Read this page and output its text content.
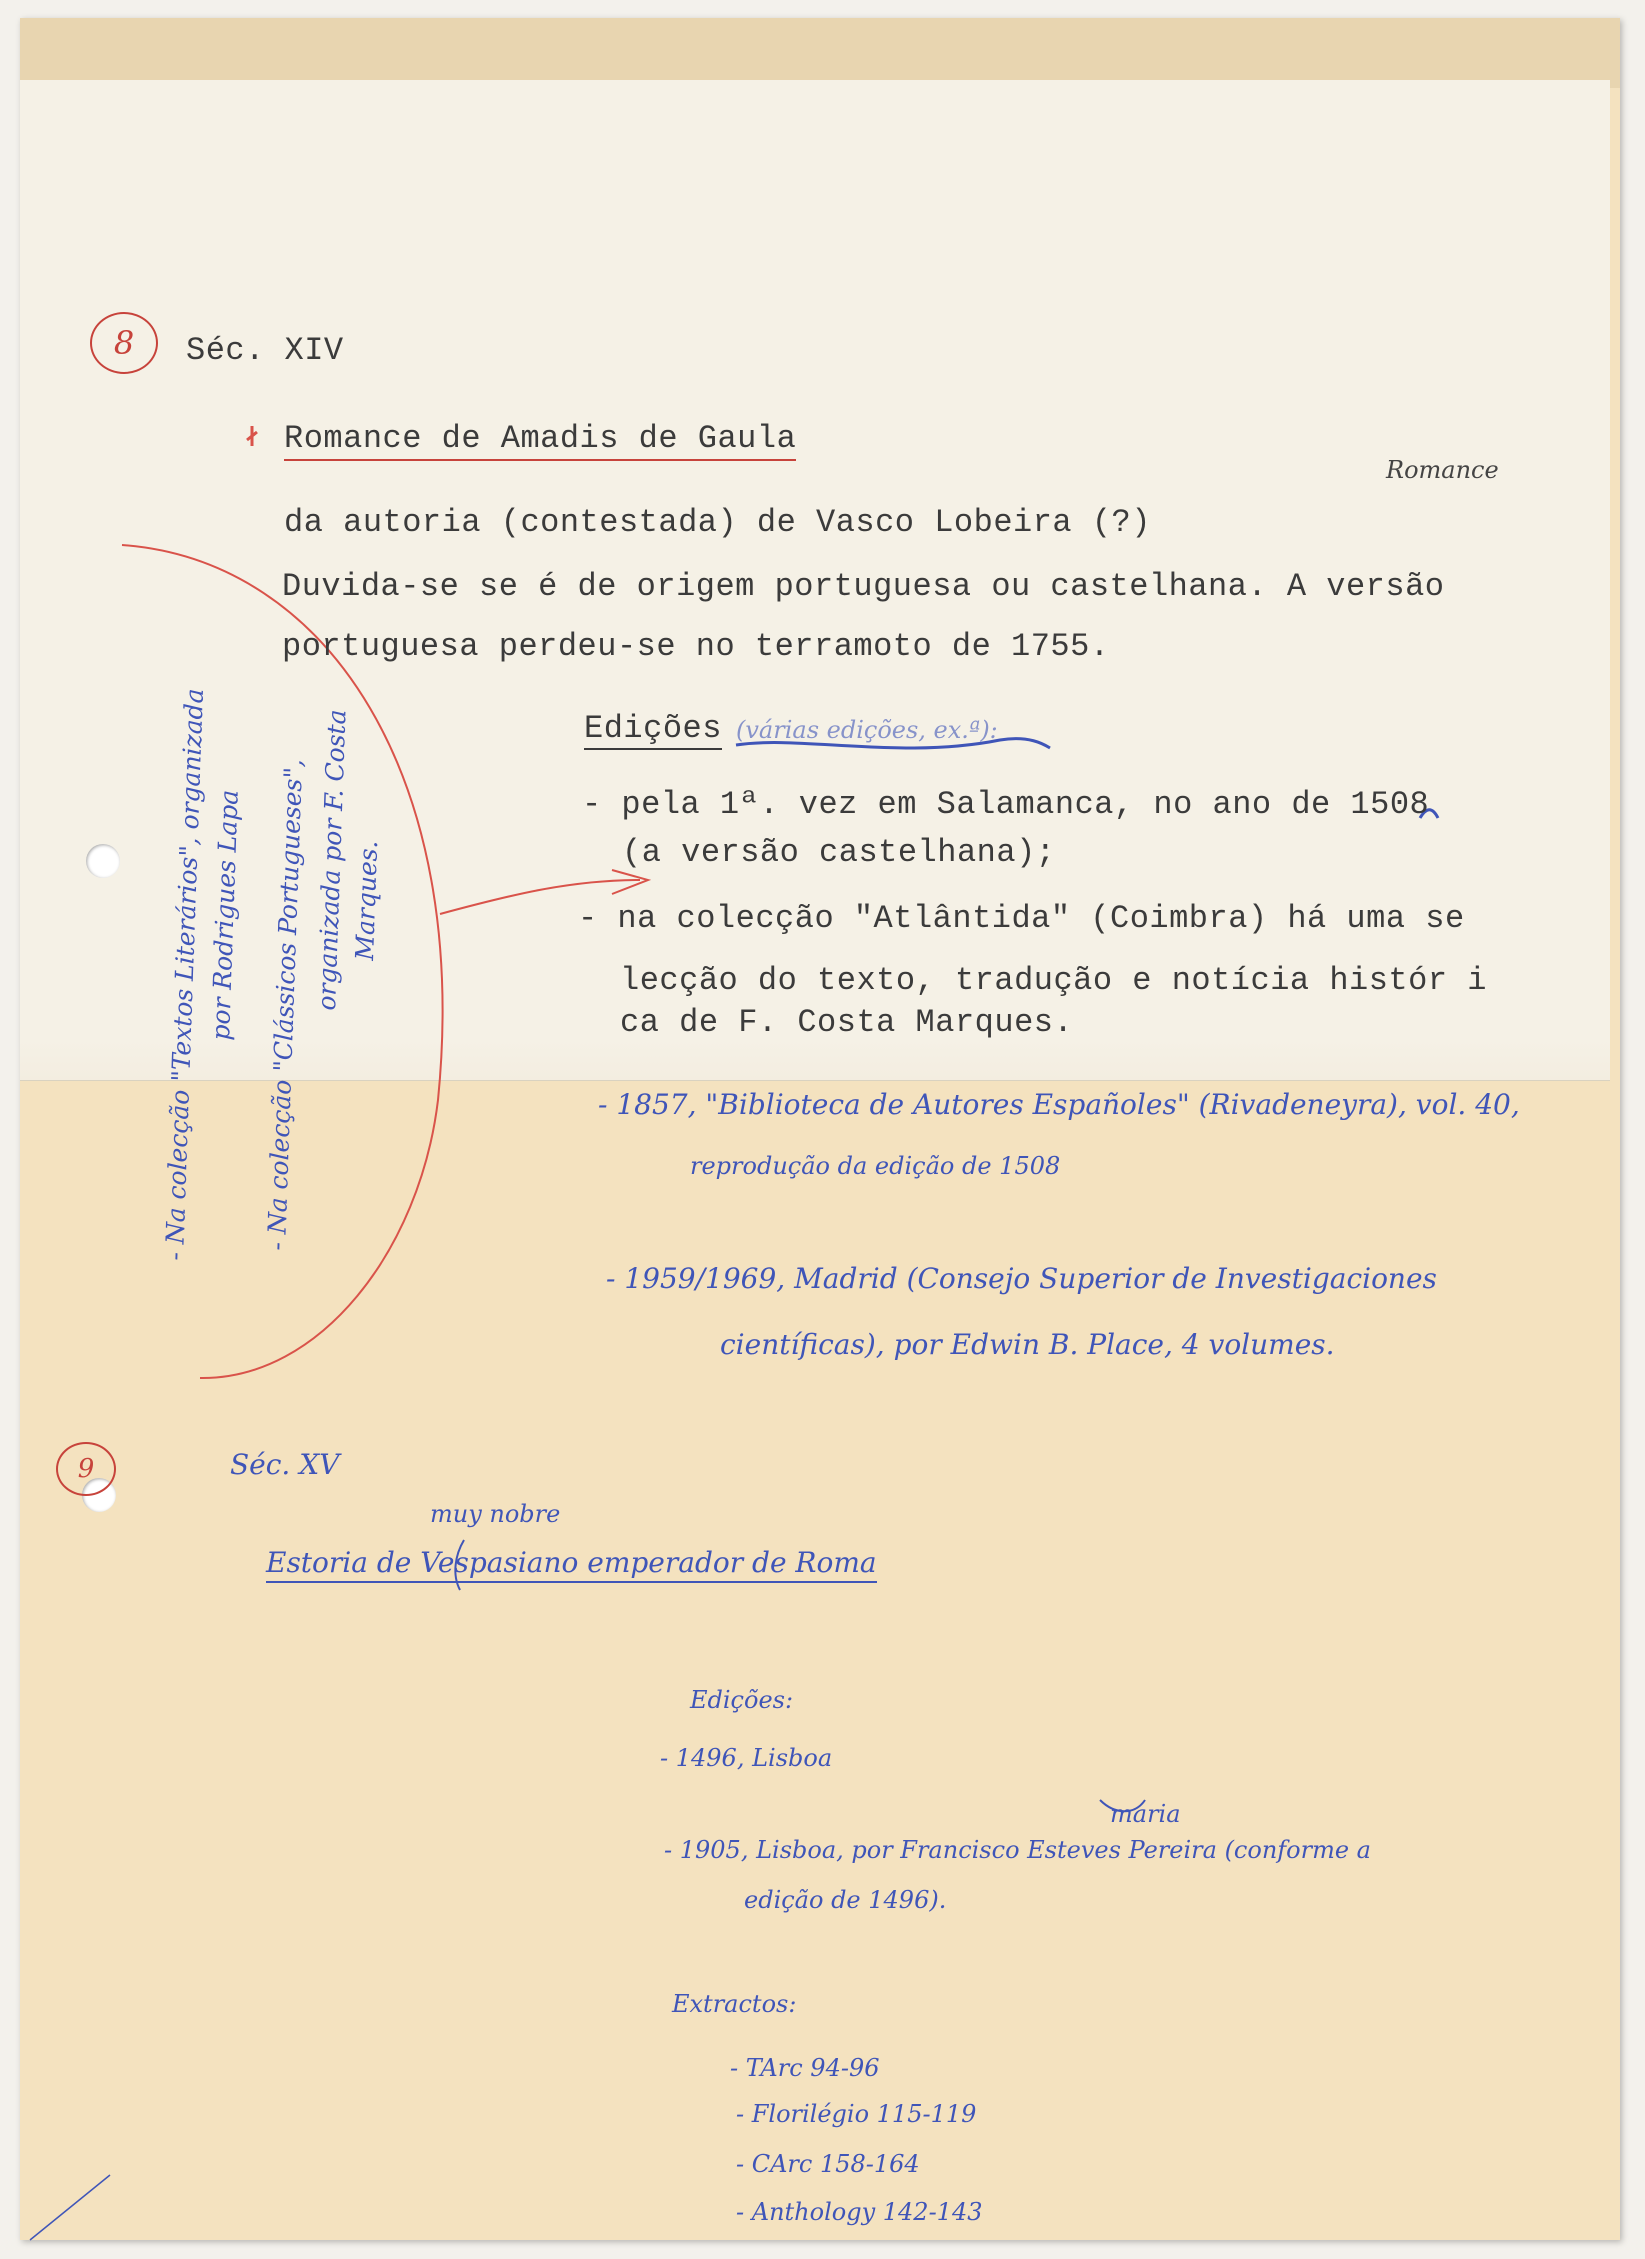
8	Séc. XIV
Romance de Amadis de Gaula
Romance
da autoria (contestada) de Vasco Lobeira (?)
Duvida-se se é de origem portuguesa ou castelhana. A versão
portuguesa perdeu-se no terramoto de 1755.
Edições (várias edições, ex.ª):
- pela 1ª. vez em Salamanca, no ano de 1508
(a versão castelhana);
- na colecção "Atlântida" (Coimbra) há uma se
lecção do texto, tradução e notícia histór i
ca de F. Costa Marques.
- 1857, "Biblioteca de Autores Españoles" (Rivadeneyra), vol. 40,
reprodução da edição de 1508
- 1959/1969, Madrid (Consejo Superior de Investigaciones
científicas), por Edwin B. Place, 4 volumes.
- Na colecção "Textos Literários", organizada
por Rodrigues Lapa - Na colecção "Clássicos Portugueses", organizada por F. Costa
Marques.
9	Séc. XV
muy nobre
Estoria de Vespasiano emperador de Roma
Edições:
- 1496, Lisboa
maria
- 1905, Lisboa, por Francisco Esteves Pereira (conforme a
edição de 1496).
Extractos:
- TArc 94-96
- Florilégio 115-119
- CArc 158-164
- Anthology 142-143
